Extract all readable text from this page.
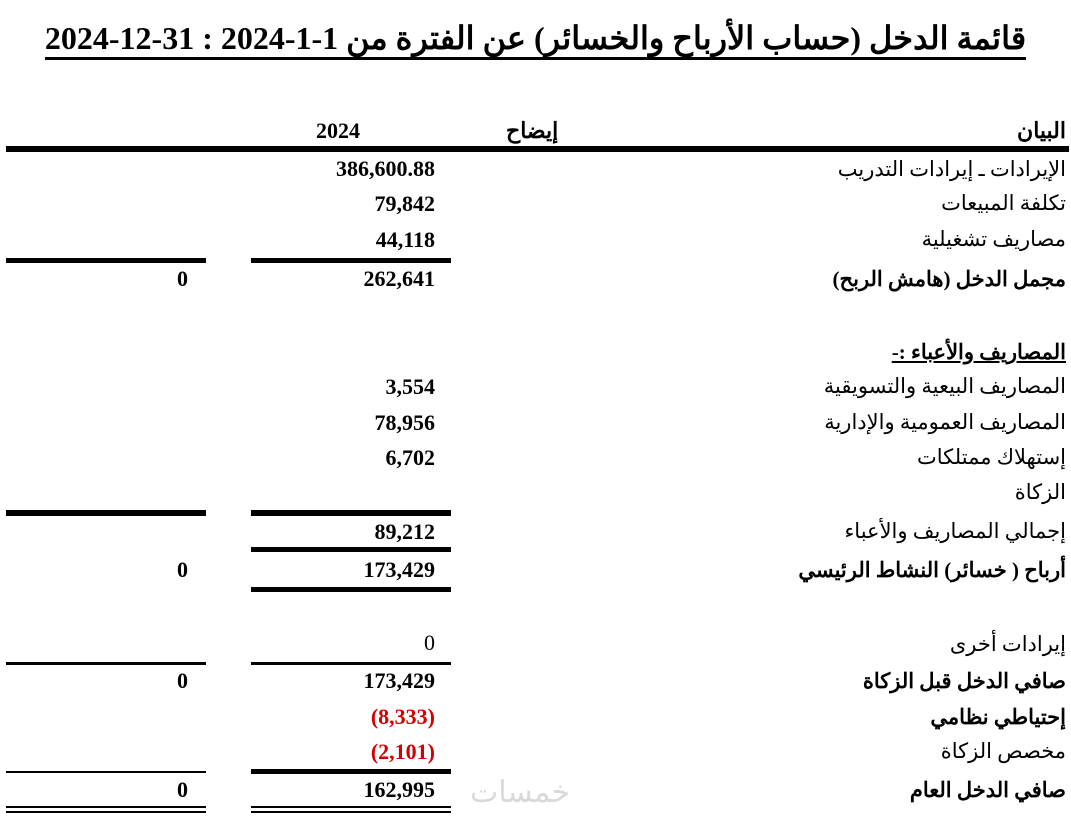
قائمة الدخل (حساب الأرباح والخسائر) عن الفترة من 1-1-2024 : 31-12-2024
البيان
إيضاح
2024
الإيرادات ـ إيرادات التدريب
386,600.88
تكلفة المبيعات
79,842
مصاريف تشغيلية
44,118
مجمل الدخل (هامش الربح)
262,641
0
المصاريف والأعباء :-
المصاريف البيعية والتسويقية
3,554
المصاريف العمومية والإدارية
78,956
إستهلاك ممتلكات
6,702
الزكاة
إجمالي المصاريف والأعباء
89,212
أرباح ( خسائر) النشاط الرئيسي
173,429
0
إيرادات أخرى
0
صافي الدخل قبل الزكاة
173,429
0
إحتياطي نظامي
(8,333)
مخصص الزكاة
(2,101)
صافي الدخل العام
162,995
0	خمسات
